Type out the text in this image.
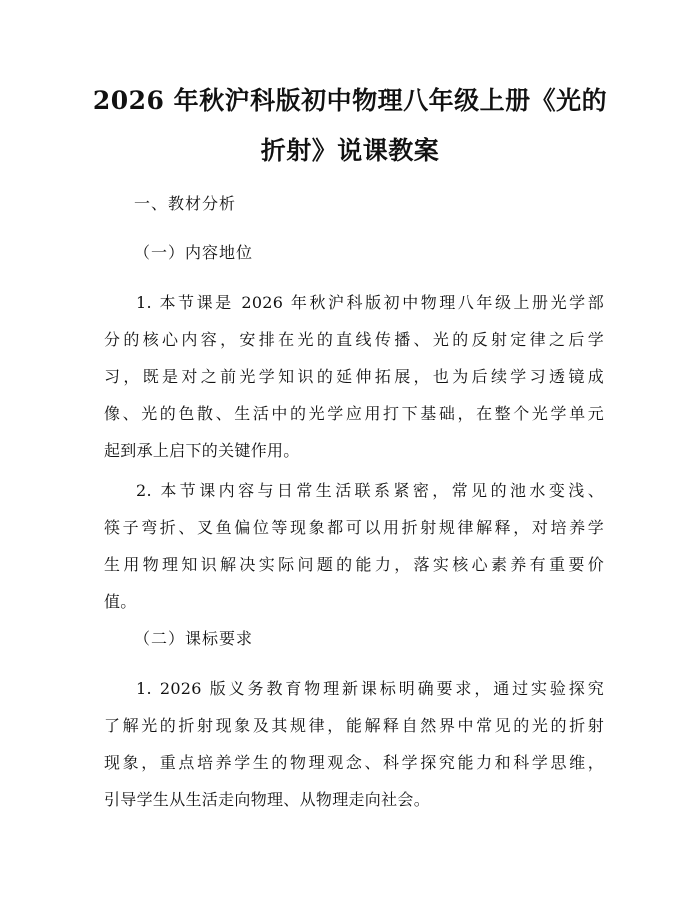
2026 年秋沪科版初中物理八年级上册《光的
折射》说课教案
一、教材分析
（一）内容地位
1. 本节课是 2026 年秋沪科版初中物理八年级上册光学部
分的核心内容，安排在光的直线传播、光的反射定律之后学
习，既是对之前光学知识的延伸拓展，也为后续学习透镜成
像、光的色散、生活中的光学应用打下基础，在整个光学单元
起到承上启下的关键作用。
2. 本节课内容与日常生活联系紧密，常见的池水变浅、
筷子弯折、叉鱼偏位等现象都可以用折射规律解释，对培养学
生用物理知识解决实际问题的能力，落实核心素养有重要价
值。
（二）课标要求
1. 2026 版义务教育物理新课标明确要求，通过实验探究
了解光的折射现象及其规律，能解释自然界中常见的光的折射
现象，重点培养学生的物理观念、科学探究能力和科学思维，
引导学生从生活走向物理、从物理走向社会。
